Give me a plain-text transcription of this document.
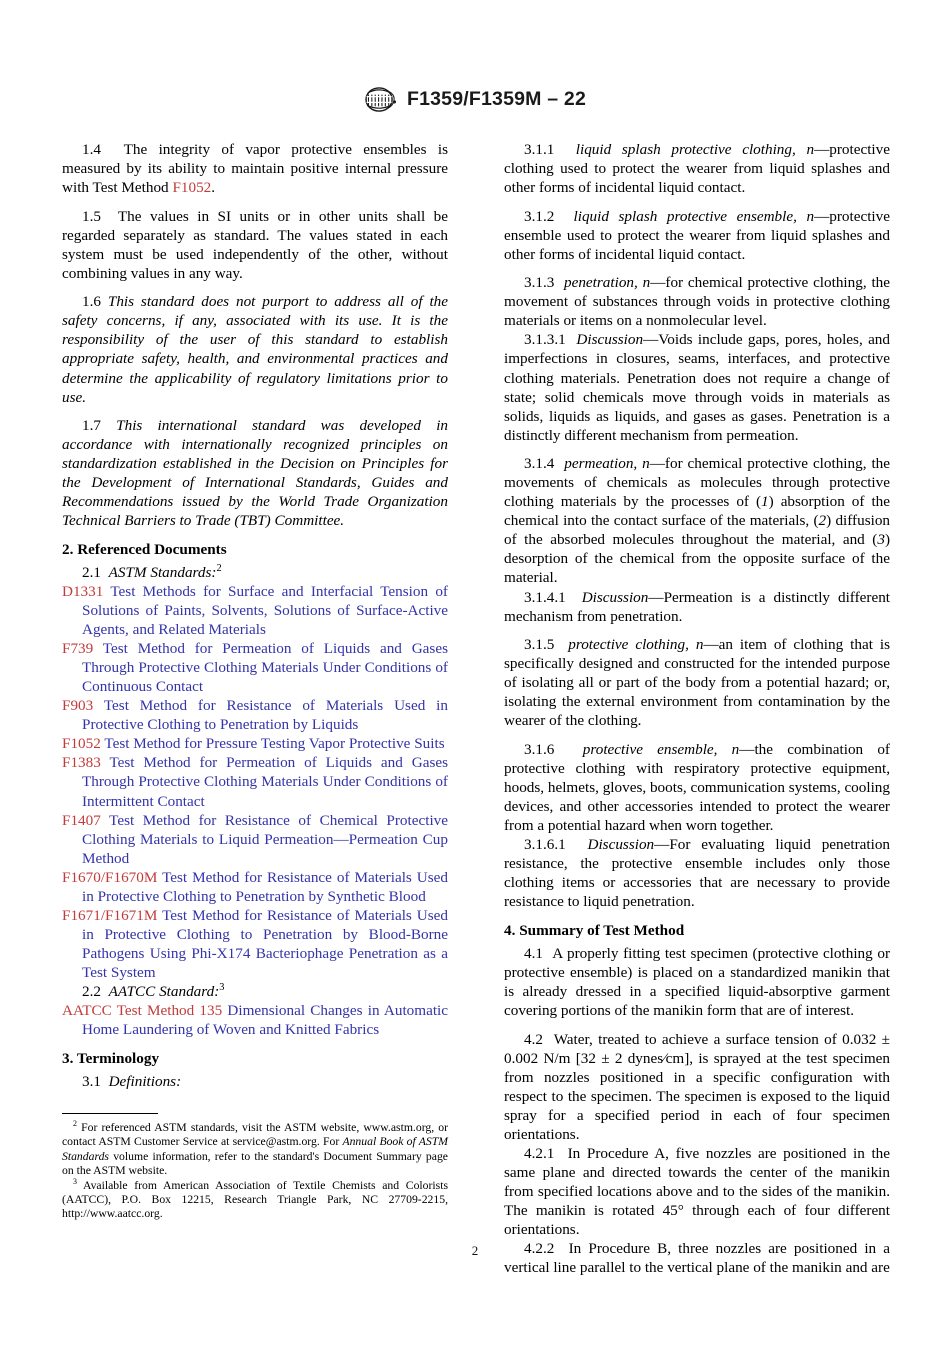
F1359/F1359M – 22

1.4 The integrity of vapor protective ensembles is measured by its ability to maintain positive internal pressure with Test Method F1052.

1.5 The values in SI units or in other units shall be regarded separately as standard. The values stated in each system must be used independently of the other, without combining values in any way.

1.6 This standard does not purport to address all of the safety concerns, if any, associated with its use. It is the responsibility of the user of this standard to establish appropriate safety, health, and environmental practices and determine the applicability of regulatory limitations prior to use.

1.7 This international standard was developed in accordance with internationally recognized principles on standardization established in the Decision on Principles for the Development of International Standards, Guides and Recommendations issued by the World Trade Organization Technical Barriers to Trade (TBT) Committee.

2. Referenced Documents

2.1 ASTM Standards:$^2$

D1331 Test Methods for Surface and Interfacial Tension of Solutions of Paints, Solvents, Solutions of Surface-Active Agents, and Related Materials

F739 Test Method for Permeation of Liquids and Gases Through Protective Clothing Materials Under Conditions of Continuous Contact

F903 Test Method for Resistance of Materials Used in Protective Clothing to Penetration by Liquids

F1052 Test Method for Pressure Testing Vapor Protective Suits

F1383 Test Method for Permeation of Liquids and Gases Through Protective Clothing Materials Under Conditions of Intermittent Contact

F1407 Test Method for Resistance of Chemical Protective Clothing Materials to Liquid Permeation—Permeation Cup Method

F1670/F1670M Test Method for Resistance of Materials Used in Protective Clothing to Penetration by Synthetic Blood

F1671/F1671M Test Method for Resistance of Materials Used in Protective Clothing to Penetration by Blood-Borne Pathogens Using Phi-X174 Bacteriophage Penetration as a Test System

2.2 AATCC Standard:$^3$

AATCC Test Method 135 Dimensional Changes in Automatic Home Laundering of Woven and Knitted Fabrics

3. Terminology

3.1 Definitions:

3.1.1 liquid splash protective clothing, n—protective clothing used to protect the wearer from liquid splashes and other forms of incidental liquid contact.

3.1.2 liquid splash protective ensemble, n—protective ensemble used to protect the wearer from liquid splashes and other forms of incidental liquid contact.

3.1.3 penetration, n—for chemical protective clothing, the movement of substances through voids in protective clothing materials or items on a nonmolecular level.

3.1.3.1 Discussion—Voids include gaps, pores, holes, and imperfections in closures, seams, interfaces, and protective clothing materials. Penetration does not require a change of state; solid chemicals move through voids in materials as solids, liquids as liquids, and gases as gases. Penetration is a distinctly different mechanism from permeation.

3.1.4 permeation, n—for chemical protective clothing, the movements of chemicals as molecules through protective clothing materials by the processes of (1) absorption of the chemical into the contact surface of the materials, (2) diffusion of the absorbed molecules throughout the material, and (3) desorption of the chemical from the opposite surface of the material.

3.1.4.1 Discussion—Permeation is a distinctly different mechanism from penetration.

3.1.5 protective clothing, n—an item of clothing that is specifically designed and constructed for the intended purpose of isolating all or part of the body from a potential hazard; or, isolating the external environment from contamination by the wearer of the clothing.

3.1.6 protective ensemble, n—the combination of protective clothing with respiratory protective equipment, hoods, helmets, gloves, boots, communication systems, cooling devices, and other accessories intended to protect the wearer from a potential hazard when worn together.

3.1.6.1 Discussion—For evaluating liquid penetration resistance, the protective ensemble includes only those clothing items or accessories that are necessary to provide resistance to liquid penetration.

4. Summary of Test Method

4.1 A properly fitting test specimen (protective clothing or protective ensemble) is placed on a standardized manikin that is already dressed in a specified liquid-absorptive garment covering portions of the manikin form that are of interest.

4.2 Water, treated to achieve a surface tension of 0.032 ± 0.002 N/m [32 ± 2 dynes⁄cm], is sprayed at the test specimen from nozzles positioned in a specific configuration with respect to the specimen. The specimen is exposed to the liquid spray for a specified period in each of four specimen orientations.

4.2.1 In Procedure A, five nozzles are positioned in the same plane and directed towards the center of the manikin from specified locations above and to the sides of the manikin. The manikin is rotated 45° through each of four different orientations.

4.2.2 In Procedure B, three nozzles are positioned in a vertical line parallel to the vertical plane of the manikin and are

$^2$ For referenced ASTM standards, visit the ASTM website, www.astm.org, or contact ASTM Customer Service at service@astm.org. For Annual Book of ASTM Standards volume information, refer to the standard's Document Summary page on the ASTM website.

$^3$ Available from American Association of Textile Chemists and Colorists (AATCC), P.O. Box 12215, Research Triangle Park, NC 27709-2215, http://www.aatcc.org.

2
